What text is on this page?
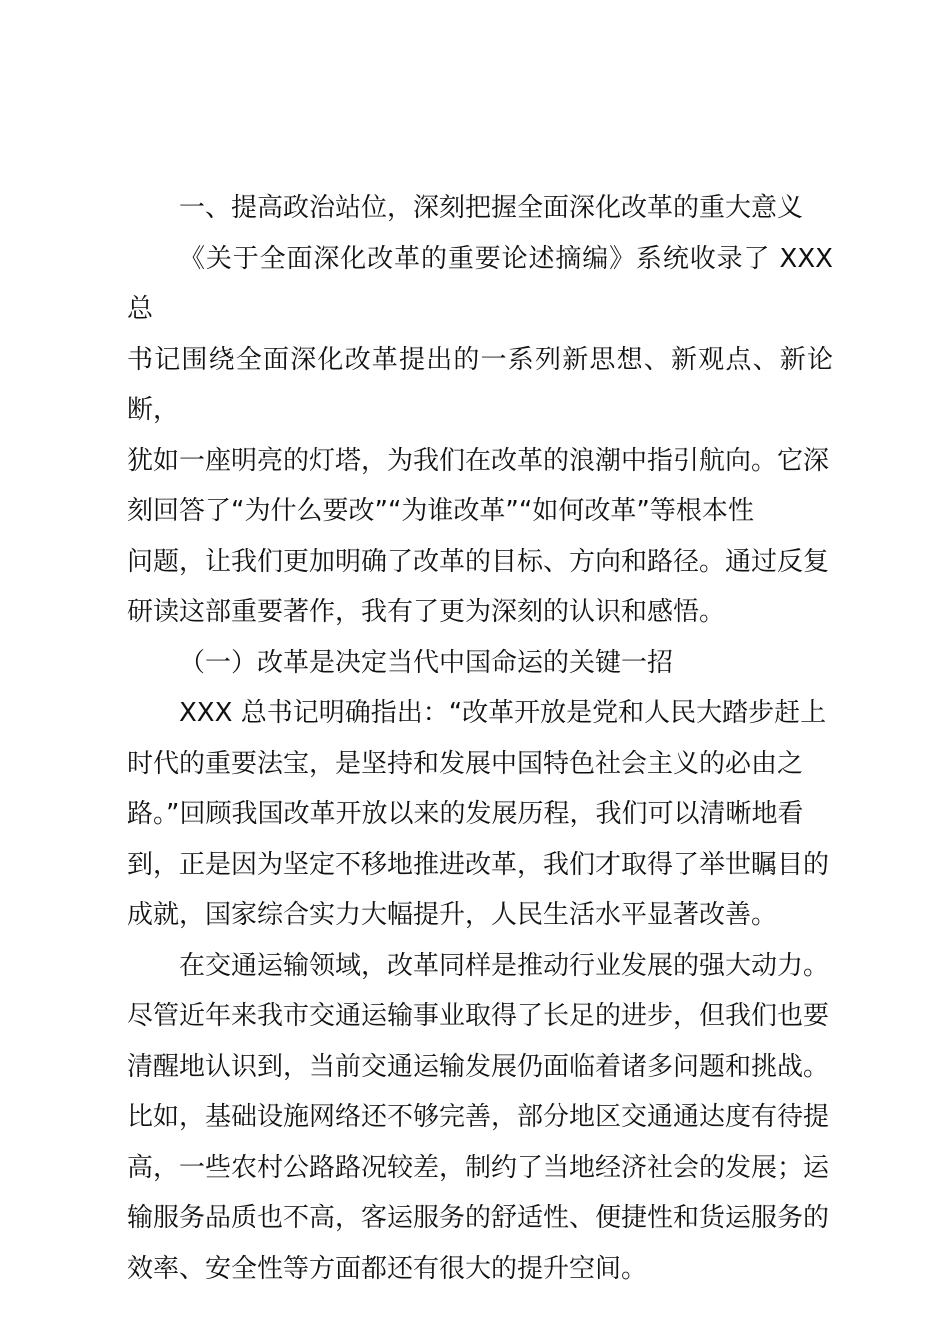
一、提高政治站位，深刻把握全面深化改革的重大意义

《关于全面深化改革的重要论述摘编》系统收录了 XXX 总
书记围绕全面深化改革提出的一系列新思想、新观点、新论断，
犹如一座明亮的灯塔，为我们在改革的浪潮中指引航向。它深
刻回答了“为什么要改”“为谁改革”“如何改革”等根本性
问题，让我们更加明确了改革的目标、方向和路径。通过反复
研读这部重要著作，我有了更为深刻的认识和感悟。

（一）改革是决定当代中国命运的关键一招

XXX 总书记明确指出：“改革开放是党和人民大踏步赶上
时代的重要法宝，是坚持和发展中国特色社会主义的必由之
路。”回顾我国改革开放以来的发展历程，我们可以清晰地看
到，正是因为坚定不移地推进改革，我们才取得了举世瞩目的
成就，国家综合实力大幅提升，人民生活水平显著改善。

在交通运输领域，改革同样是推动行业发展的强大动力。
尽管近年来我市交通运输事业取得了长足的进步，但我们也要
清醒地认识到，当前交通运输发展仍面临着诸多问题和挑战。
比如，基础设施网络还不够完善，部分地区交通通达度有待提
高，一些农村公路路况较差，制约了当地经济社会的发展；运
输服务品质也不高，客运服务的舒适性、便捷性和货运服务的
效率、安全性等方面都还有很大的提升空间。
